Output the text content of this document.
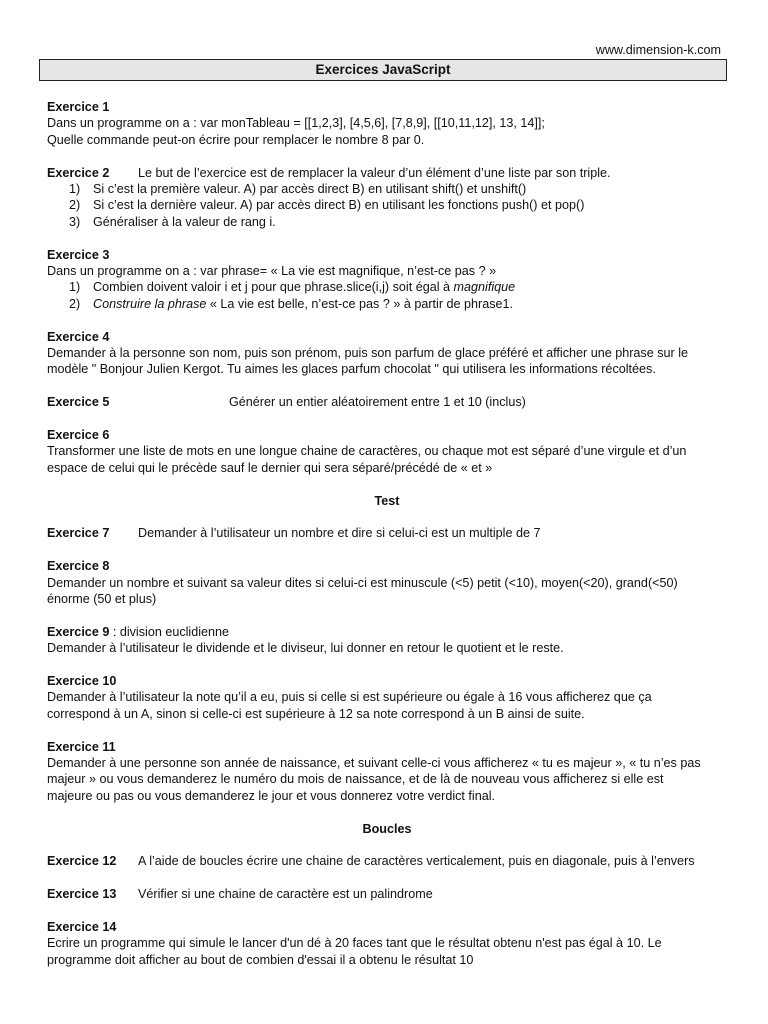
www.dimension-k.com
Exercices JavaScript
Exercice 1
Dans un programme on a : var monTableau = [[1,2,3], [4,5,6], [7,8,9], [[10,11,12], 13, 14]];
Quelle commande peut-on écrire pour remplacer le nombre 8 par 0.
Exercice 2 Le but de l’exercice est de remplacer la valeur d’un élément d’une liste par son triple.
1) Si c’est la première valeur. A) par accès direct B) en utilisant shift() et unshift()
2) Si c’est la dernière valeur. A) par accès direct B) en utilisant les fonctions push() et pop()
3) Généraliser à la valeur de rang i.
Exercice 3
Dans un programme on a : var phrase= « La vie est magnifique, n’est-ce pas ? »
1) Combien doivent valoir i et j pour que phrase.slice(i,j) soit égal à magnifique
2) Construire la phrase « La vie est belle, n’est-ce pas ? » à partir de phrase1.
Exercice 4
Demander à la personne son nom, puis son prénom, puis son parfum de glace préféré et afficher une phrase sur le
modèle " Bonjour Julien Kergot. Tu aimes les glaces parfum chocolat " qui utilisera les informations récoltées.
Exercice 5	Générer un entier aléatoirement entre 1 et 10 (inclus)
Exercice 6
Transformer une liste de mots en une longue chaine de caractères, ou chaque mot est séparé d’une virgule et d’un
espace de celui qui le précède sauf le dernier qui sera séparé/précédé de « et »
Test
Exercice 7 Demander à l’utilisateur un nombre et dire si celui-ci est un multiple de 7
Exercice 8
Demander un nombre et suivant sa valeur dites si celui-ci est minuscule (<5) petit (<10), moyen(<20), grand(<50)
énorme (50 et plus)
Exercice 9 : division euclidienne
Demander à l’utilisateur le dividende et le diviseur, lui donner en retour le quotient et le reste.
Exercice 10
Demander à l’utilisateur la note qu’il a eu, puis si celle si est supérieure ou égale à 16 vous afficherez que ça
correspond à un A, sinon si celle-ci est supérieure à 12 sa note correspond à un B ainsi de suite.
Exercice 11
Demander à une personne son année de naissance, et suivant celle-ci vous afficherez « tu es majeur », « tu n’es pas
majeur » ou vous demanderez le numéro du mois de naissance, et de là de nouveau vous afficherez si elle est
majeure ou pas ou vous demanderez le jour et vous donnerez votre verdict final.
Boucles
Exercice 12 A l’aide de boucles écrire une chaine de caractères verticalement, puis en diagonale, puis à l’envers
Exercice 13 Vérifier si une chaine de caractère est un palindrome
Exercice 14
Ecrire un programme qui simule le lancer d'un dé à 20 faces tant que le résultat obtenu n'est pas égal à 10. Le
programme doit afficher au bout de combien d'essai il a obtenu le résultat 10
